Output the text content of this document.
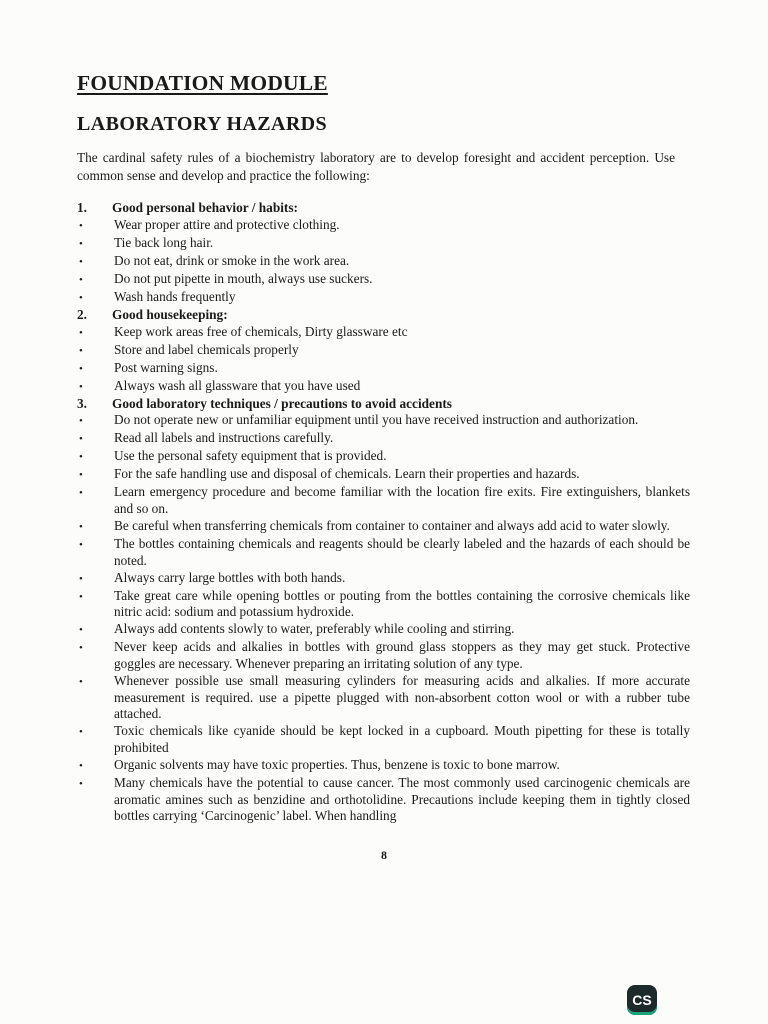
FOUNDATION MODULE
LABORATORY HAZARDS

The cardinal safety rules of a biochemistry laboratory are to develop foresight and accident perception. Use common sense and develop and practice the following:

1.	Good personal behavior / habits:
•	Wear proper attire and protective clothing.
•	Tie back long hair.
•	Do not eat, drink or smoke in the work area.
•	Do not put pipette in mouth, always use suckers.
•	Wash hands frequently
2.	Good housekeeping:
•	Keep work areas free of chemicals, Dirty glassware etc
•	Store and label chemicals properly
•	Post warning signs.
•	Always wash all glassware that you have used
3.	Good laboratory techniques / precautions to avoid accidents
•	Do not operate new or unfamiliar equipment until you have received instruction and authorization.
•	Read all labels and instructions carefully.
•	Use the personal safety equipment that is provided.
•	For the safe handling use and disposal of chemicals. Learn their properties and hazards.
•	Learn emergency procedure and become familiar with the location fire exits. Fire extinguishers, blankets and so on.
•	Be careful when transferring chemicals from container to container and always add acid to water slowly.
•	The bottles containing chemicals and reagents should be clearly labeled and the hazards of each should be noted.
•	Always carry large bottles with both hands.
•	Take great care while opening bottles or pouting from the bottles containing the corrosive chemicals like nitric acid: sodium and potassium hydroxide.
•	Always add contents slowly to water, preferably while cooling and stirring.
•	Never keep acids and alkalies in bottles with ground glass stoppers as they may get stuck. Protective goggles are necessary. Whenever preparing an irritating solution of any type.
•	Whenever possible use small measuring cylinders for measuring acids and alkalies. If more accurate measurement is required. use a pipette plugged with non-absorbent cotton wool or with a rubber tube attached.
•	Toxic chemicals like cyanide should be kept locked in a cupboard. Mouth pipetting for these is totally prohibited
•	Organic solvents may have toxic properties. Thus, benzene is toxic to bone marrow.
•	Many chemicals have the potential to cause cancer. The most commonly used carcinogenic chemicals are aromatic amines such as benzidine and orthotolidine. Precautions include keeping them in tightly closed bottles carrying ‘Carcinogenic’ label. When handling

8

CS
